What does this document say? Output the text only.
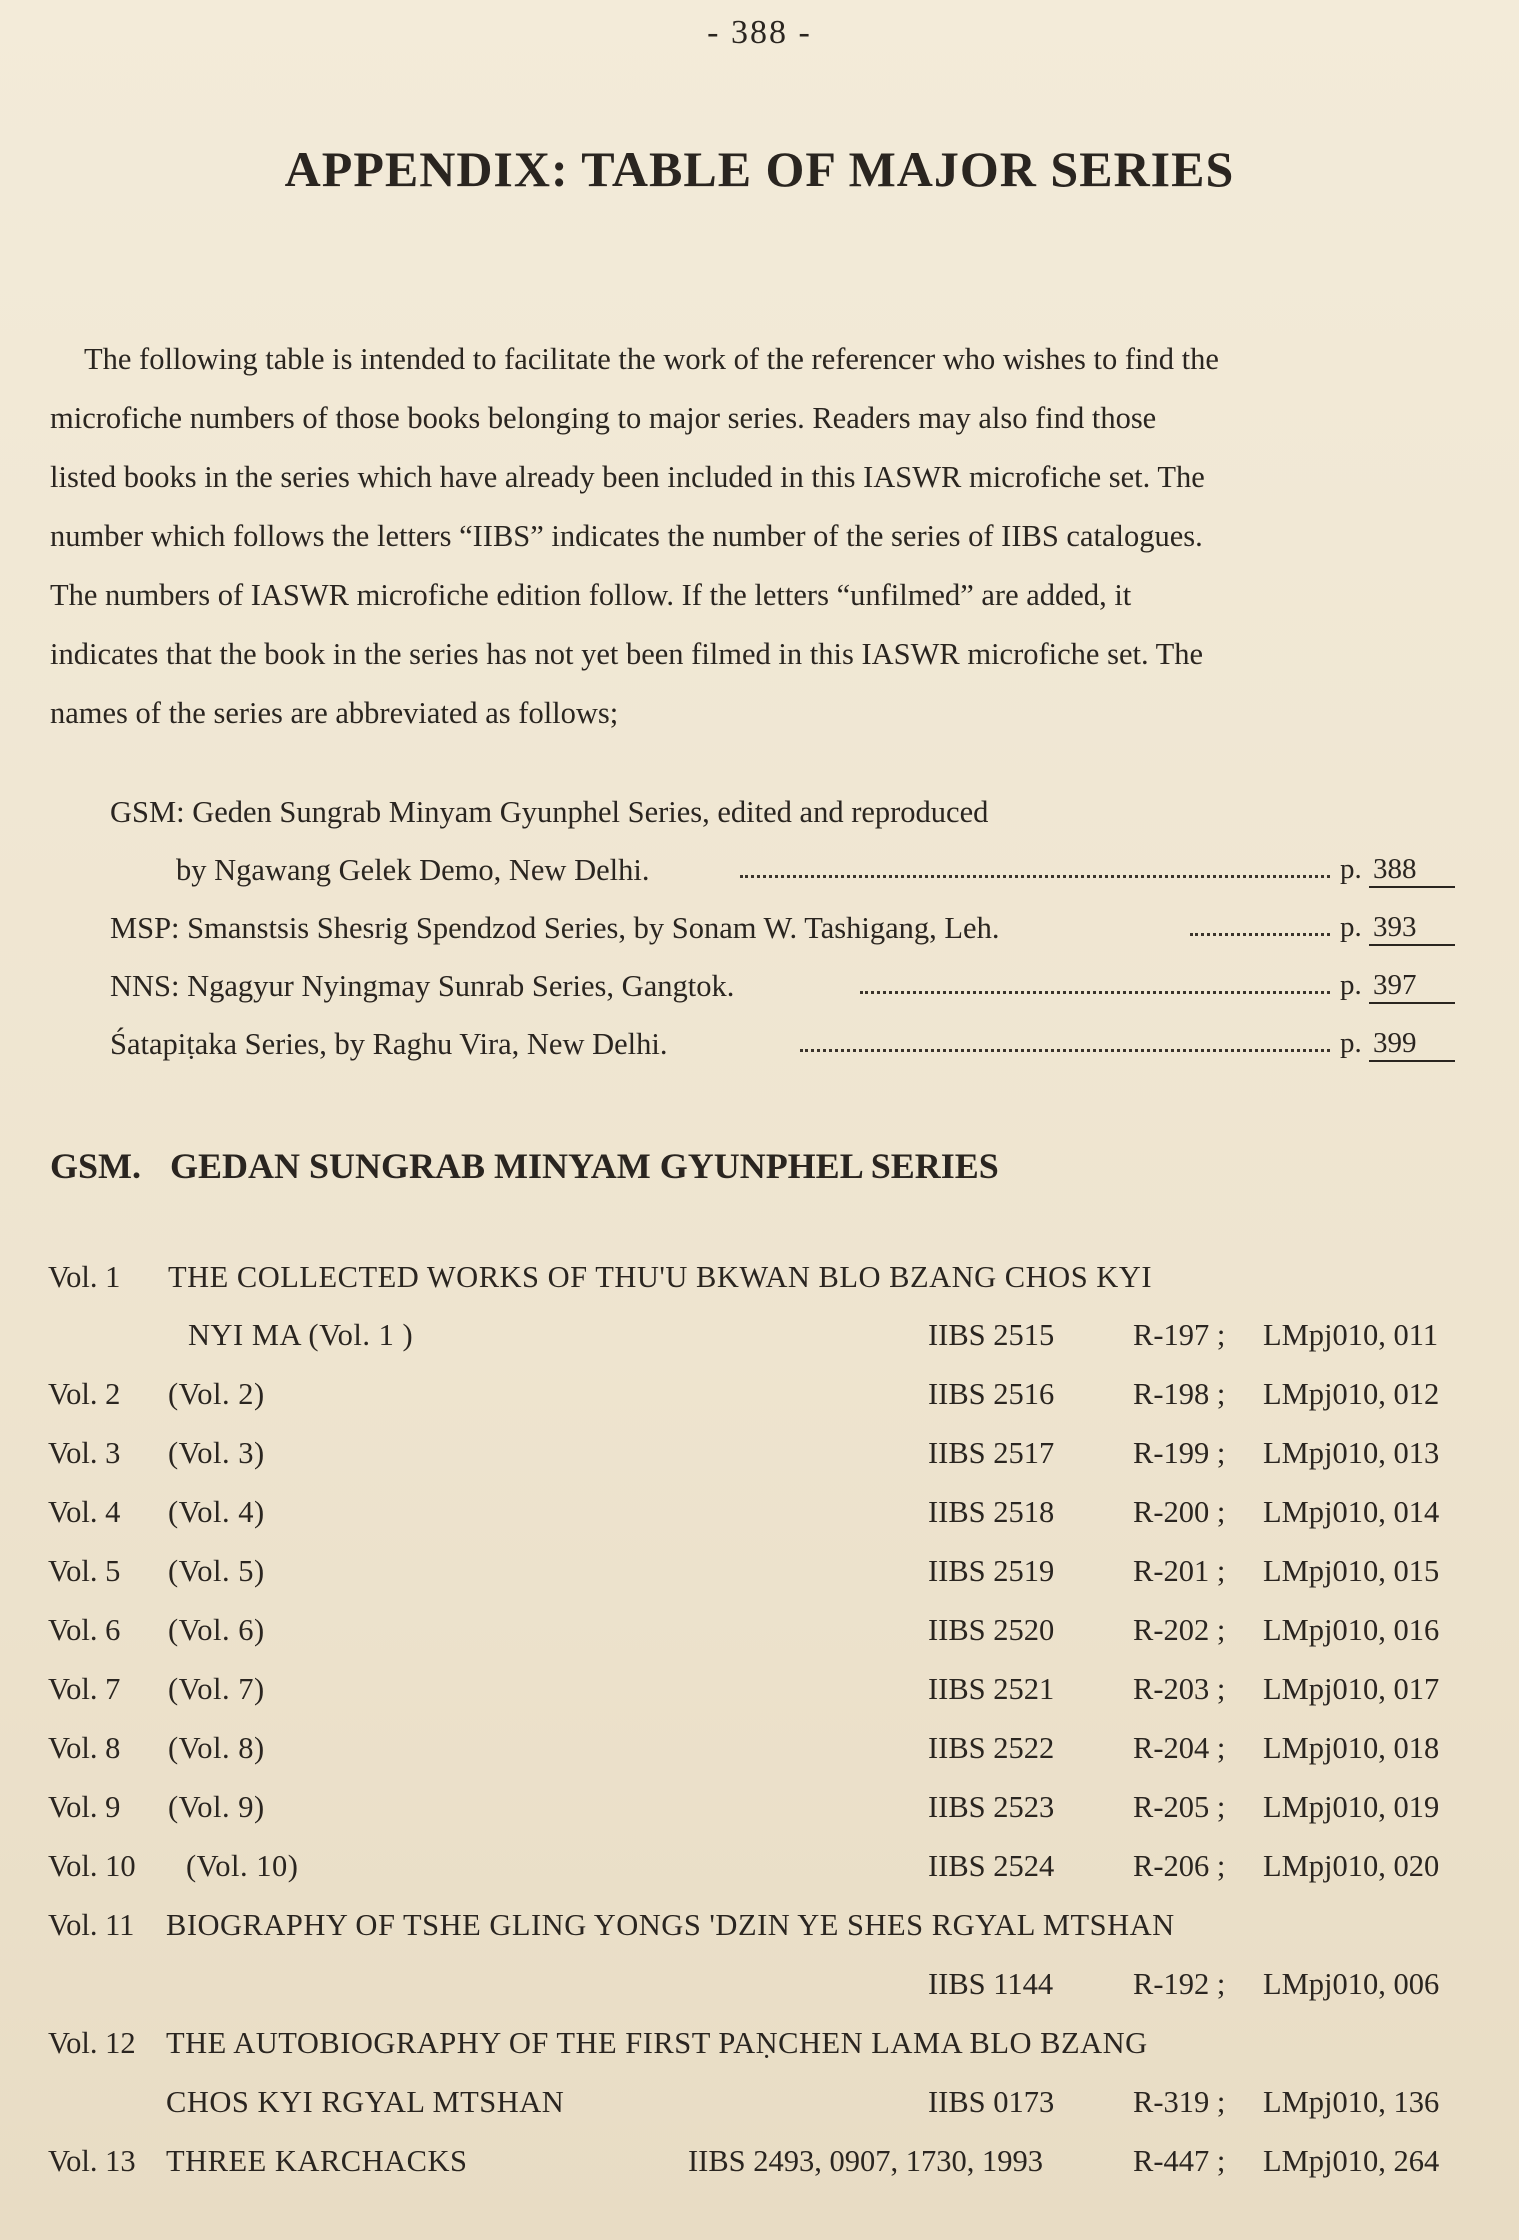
- 388 -
APPENDIX: TABLE OF MAJOR SERIES
The following table is intended to facilitate the work of the referencer who wishes to find the
microfiche numbers of those books belonging to major series. Readers may also find those
listed books in the series which have already been included in this IASWR microfiche set. The
number which follows the letters “IIBS” indicates the number of the series of IIBS catalogues.
The numbers of IASWR microfiche edition follow. If the letters “unfilmed” are added, it
indicates that the book in the series has not yet been filmed in this IASWR microfiche set. The
names of the series are abbreviated as follows;
GSM: Geden Sungrab Minyam Gyunphel Series, edited and reproduced
by Ngawang Gelek Demo, New Delhi.	p. 388
MSP: Smanstsis Shesrig Spendzod Series, by Sonam W. Tashigang, Leh.	p. 393
NNS: Ngagyur Nyingmay Sunrab Series, Gangtok.	p. 397
Śatapiṭaka Series, by Raghu Vira, New Delhi.	p. 399
GSM. GEDAN SUNGRAB MINYAM GYUNPHEL SERIES
Vol. 1 THE COLLECTED WORKS OF THU'U BKWAN BLO BZANG CHOS KYI
NYI MA (Vol. 1 )	IIBS 2515	R-197 ; LMpj010, 011
Vol. 2 (Vol. 2)	IIBS 2516	R-198 ; LMpj010, 012
Vol. 3 (Vol. 3)	IIBS 2517	R-199 ; LMpj010, 013
Vol. 4 (Vol. 4)	IIBS 2518	R-200 ; LMpj010, 014
Vol. 5 (Vol. 5)	IIBS 2519	R-201 ; LMpj010, 015
Vol. 6 (Vol. 6)	IIBS 2520	R-202 ; LMpj010, 016
Vol. 7 (Vol. 7)	IIBS 2521	R-203 ; LMpj010, 017
Vol. 8 (Vol. 8)	IIBS 2522	R-204 ; LMpj010, 018
Vol. 9 (Vol. 9)	IIBS 2523	R-205 ; LMpj010, 019
Vol. 10 (Vol. 10)	IIBS 2524	R-206 ; LMpj010, 020
Vol. 11 BIOGRAPHY OF TSHE GLING YONGS 'DZIN YE SHES RGYAL MTSHAN
IIBS 1144	R-192 ; LMpj010, 006
Vol. 12 THE AUTOBIOGRAPHY OF THE FIRST PAṆCHEN LAMA BLO BZANG
CHOS KYI RGYAL MTSHAN	IIBS 0173	R-319 ; LMpj010, 136
Vol. 13 THREE KARCHACKS	IIBS 2493, 0907, 1730, 1993	R-447 ; LMpj010, 264
